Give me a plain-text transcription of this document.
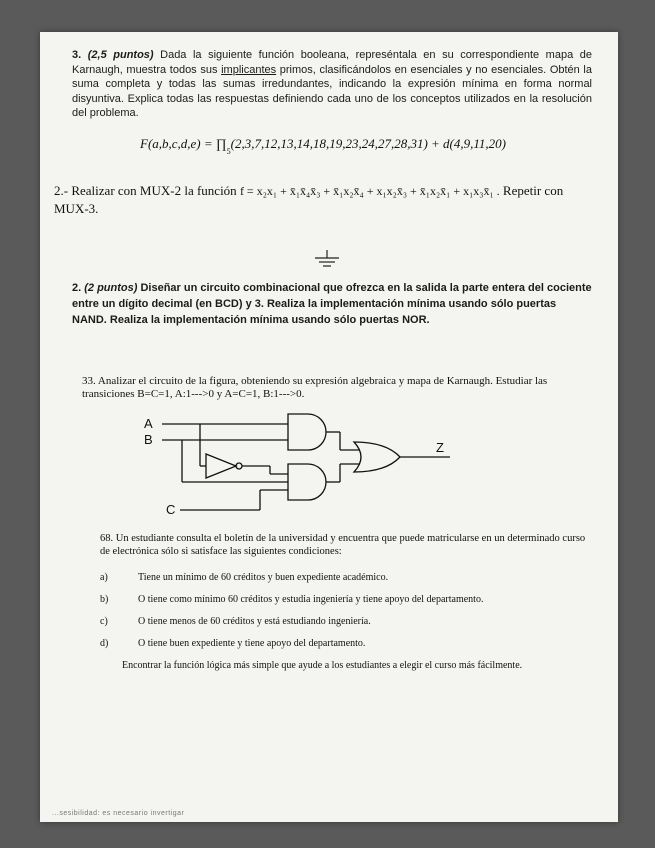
3. (2,5 puntos) Dada la siguiente función booleana, represéntala en su correspondiente mapa de Karnaugh, muestra todos sus implicantes primos, clasificándolos en esenciales y no esenciales. Obtén la suma completa y todas las sumas irredundantes, indicando la expresión mínima en forma normal disyuntiva. Explica todas las respuestas definiendo cada uno de los conceptos utilizados en la resolución del problema.
$F(a,b,c,d,e) = \prod_5(2,3,7,12,13,14,18,19,23,24,27,28,31) + d(4,9,11,20)$
2.- Realizar con MUX-2 la función f = x₂x₁ + x̄₁x̄₄x̄₃ + x̄₁x₂x̄₄ + x₁x₂x̄₃ + x̄₁x₂x̄₁ + x₁x₃x̄₁ . Repetir con MUX-3.
2. (2 puntos) Diseñar un circuito combinacional que ofrezca en la salida la parte entera del cociente entre un dígito decimal (en BCD) y 3. Realiza la implementación mínima usando sólo puertas NAND. Realiza la implementación mínima usando sólo puertas NOR.
33. Analizar el circuito de la figura, obteniendo su expresión algebraica y mapa de Karnaugh. Estudiar las transiciones B=C=1, A:1--->0 y A=C=1, B:1--->0.
A
B
C
Z
68. Un estudiante consulta el boletín de la universidad y encuentra que puede matricularse en un determinado curso de electrónica sólo si satisface las siguientes condiciones:
a)	Tiene un mínimo de 60 créditos y buen expediente académico.
b)	O tiene como mínimo 60 créditos y estudia ingeniería y tiene apoyo del departamento.
c)	O tiene menos de 60 créditos y está estudiando ingeniería.
d)	O tiene buen expediente y tiene apoyo del departamento.
Encontrar la función lógica más simple que ayude a los estudiantes a elegir el curso más fácilmente.
...sesibilidad: es necesario invertigar
